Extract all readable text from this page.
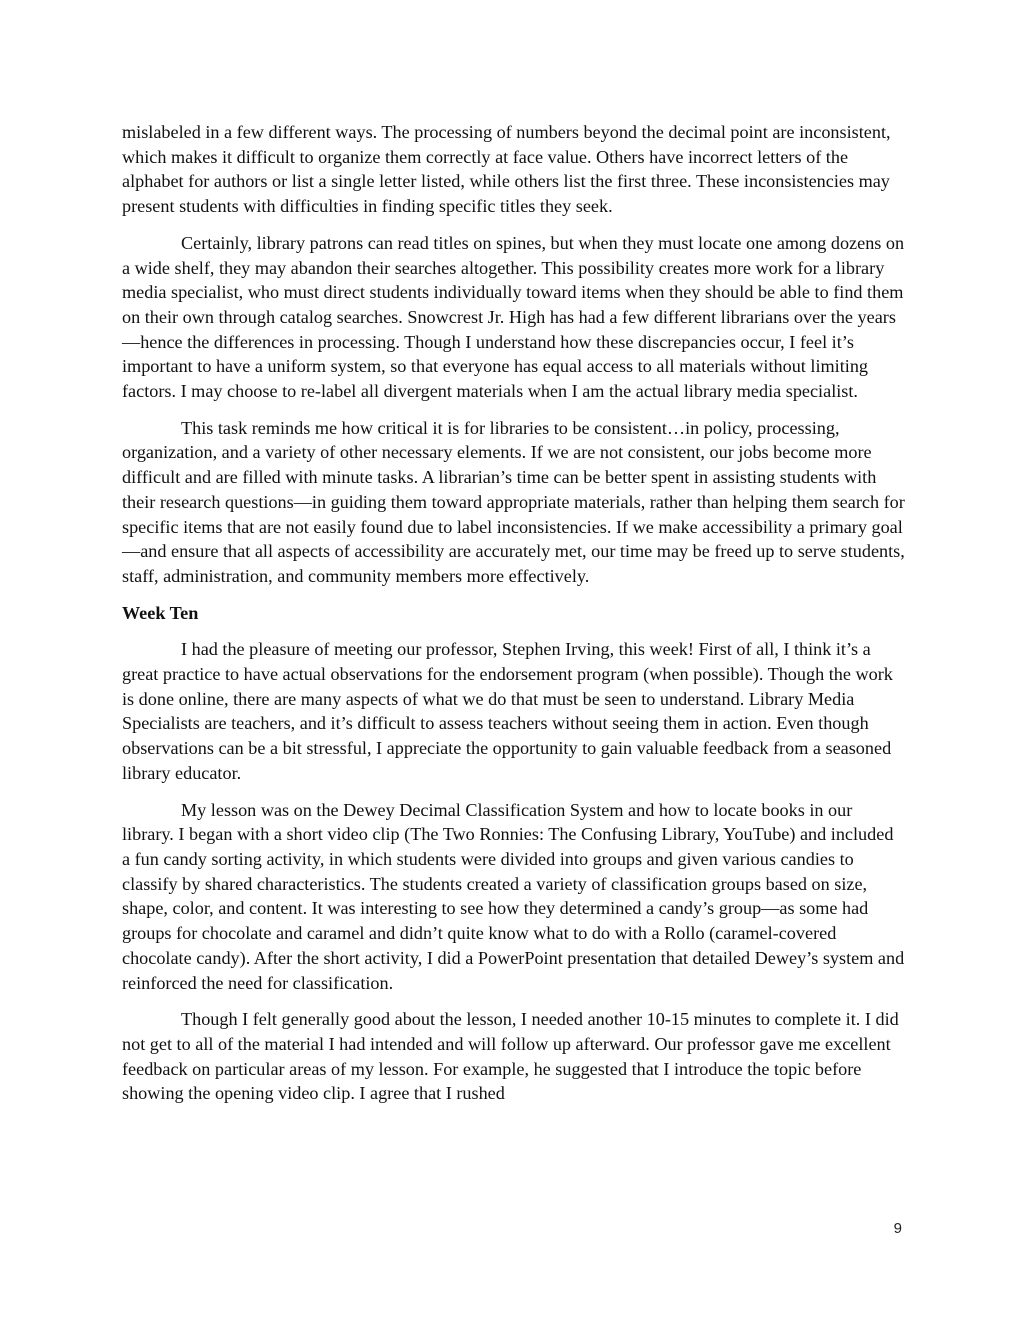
mislabeled in a few different ways. The processing of numbers beyond the decimal point are inconsistent, which makes it difficult to organize them correctly at face value. Others have incorrect letters of the alphabet for authors or list a single letter listed, while others list the first three. These inconsistencies may present students with difficulties in finding specific titles they seek.

Certainly, library patrons can read titles on spines, but when they must locate one among dozens on a wide shelf, they may abandon their searches altogether. This possibility creates more work for a library media specialist, who must direct students individually toward items when they should be able to find them on their own through catalog searches. Snowcrest Jr. High has had a few different librarians over the years—hence the differences in processing. Though I understand how these discrepancies occur, I feel it’s important to have a uniform system, so that everyone has equal access to all materials without limiting factors. I may choose to re-label all divergent materials when I am the actual library media specialist.

This task reminds me how critical it is for libraries to be consistent…in policy, processing, organization, and a variety of other necessary elements. If we are not consistent, our jobs become more difficult and are filled with minute tasks. A librarian’s time can be better spent in assisting students with their research questions—in guiding them toward appropriate materials, rather than helping them search for specific items that are not easily found due to label inconsistencies. If we make accessibility a primary goal—and ensure that all aspects of accessibility are accurately met, our time may be freed up to serve students, staff, administration, and community members more effectively.

Week Ten

I had the pleasure of meeting our professor, Stephen Irving, this week! First of all, I think it’s a great practice to have actual observations for the endorsement program (when possible). Though the work is done online, there are many aspects of what we do that must be seen to understand. Library Media Specialists are teachers, and it’s difficult to assess teachers without seeing them in action. Even though observations can be a bit stressful, I appreciate the opportunity to gain valuable feedback from a seasoned library educator.

My lesson was on the Dewey Decimal Classification System and how to locate books in our library. I began with a short video clip (The Two Ronnies: The Confusing Library, YouTube) and included a fun candy sorting activity, in which students were divided into groups and given various candies to classify by shared characteristics. The students created a variety of classification groups based on size, shape, color, and content. It was interesting to see how they determined a candy’s group—as some had groups for chocolate and caramel and didn’t quite know what to do with a Rollo (caramel-covered chocolate candy). After the short activity, I did a PowerPoint presentation that detailed Dewey’s system and reinforced the need for classification.

Though I felt generally good about the lesson, I needed another 10-15 minutes to complete it. I did not get to all of the material I had intended and will follow up afterward. Our professor gave me excellent feedback on particular areas of my lesson. For example, he suggested that I introduce the topic before showing the opening video clip. I agree that I rushed

9
